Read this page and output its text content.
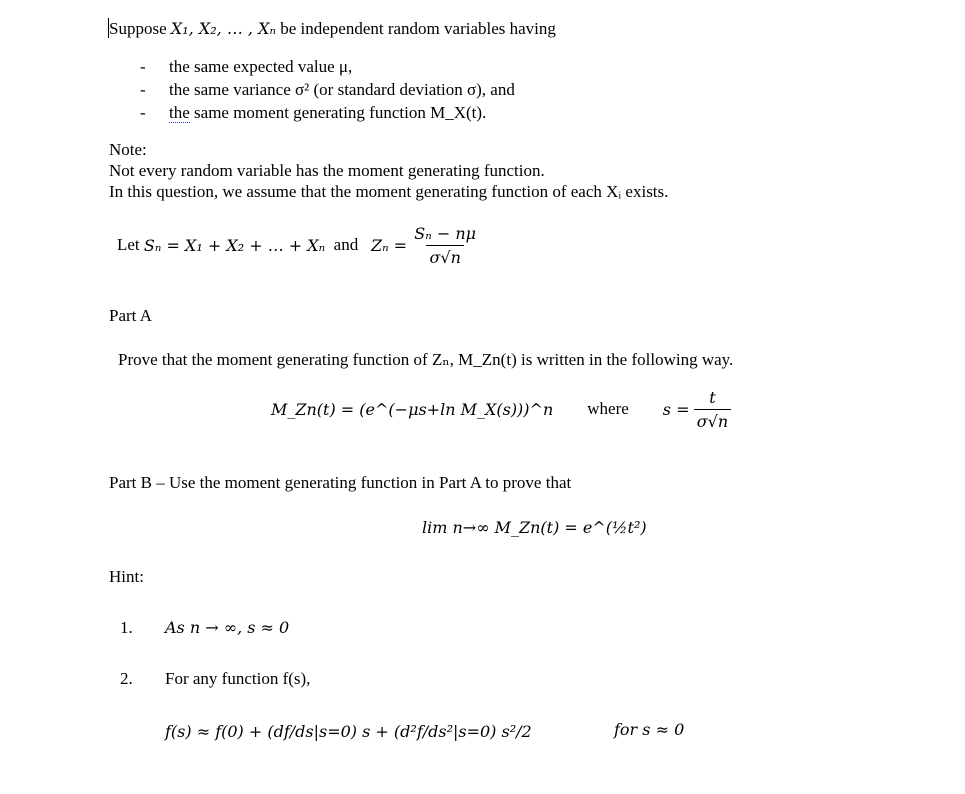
Suppose X₁, X₂, … , Xₙ be independent random variables having
- the same expected value μ,
- the same variance σ² (or standard deviation σ), and
- the same moment generating function M_X(t).
Note:
Not every random variable has the moment generating function.
In this question, we assume that the moment generating function of each Xᵢ exists.
Let
Sₙ = X₁ + X₂ + … + Xₙ
and
Zₙ =
$\frac{\text{Sₙ − nμ}}{\sigma√n}$
Part A
Prove that the moment generating function of Zₙ, M_Zn(t) is written in the following way.
M_Zn(t) = (e^(−μs+ln M_X(s)))^n where s =
$\frac{t}{\sigma√n}$
Part B – Use the moment generating function in Part A to prove that
lim n→∞ M_Zn(t) = e^(½t²)
Hint:
1. As n → ∞, s ≈ 0
2. For any function f(s),
f(s) ≈ f(0) + (df/ds|s=0) s + (d²f/ds²|s=0) s²/2	for s ≈ 0
